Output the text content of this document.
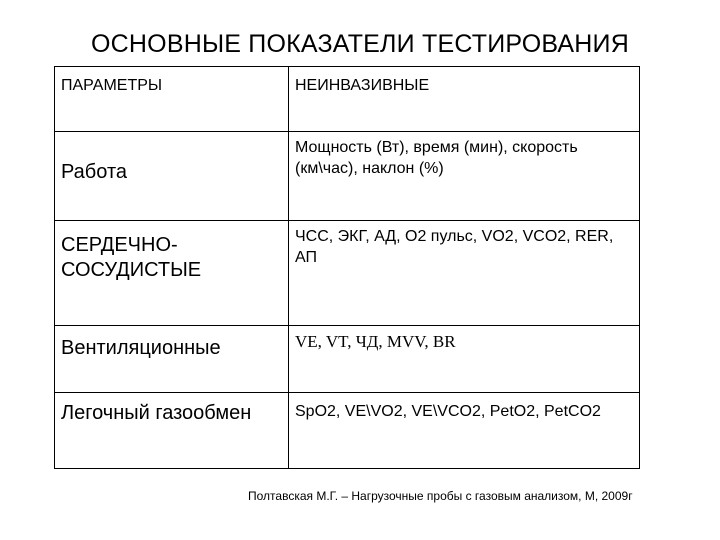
ОСНОВНЫЕ ПОКАЗАТЕЛИ ТЕСТИРОВАНИЯ
ПАРАМЕТРЫ	НЕИНВАЗИВНЫЕ
Работа	Мощность (Вт), время (мин), скорость (км\час), наклон (%)
СЕРДЕЧНО-СОСУДИСТЫЕ	ЧСС, ЭКГ, АД, О2 пульс, VO2, VCO2, RER, АП
Вентиляционные	VE, VT, ЧД, MVV, BR
Легочный газообмен	SpO2, VE\VO2, VE\VCO2, PetO2, PetCO2
Полтавская М.Г. – Нагрузочные пробы с газовым анализом, М, 2009г
